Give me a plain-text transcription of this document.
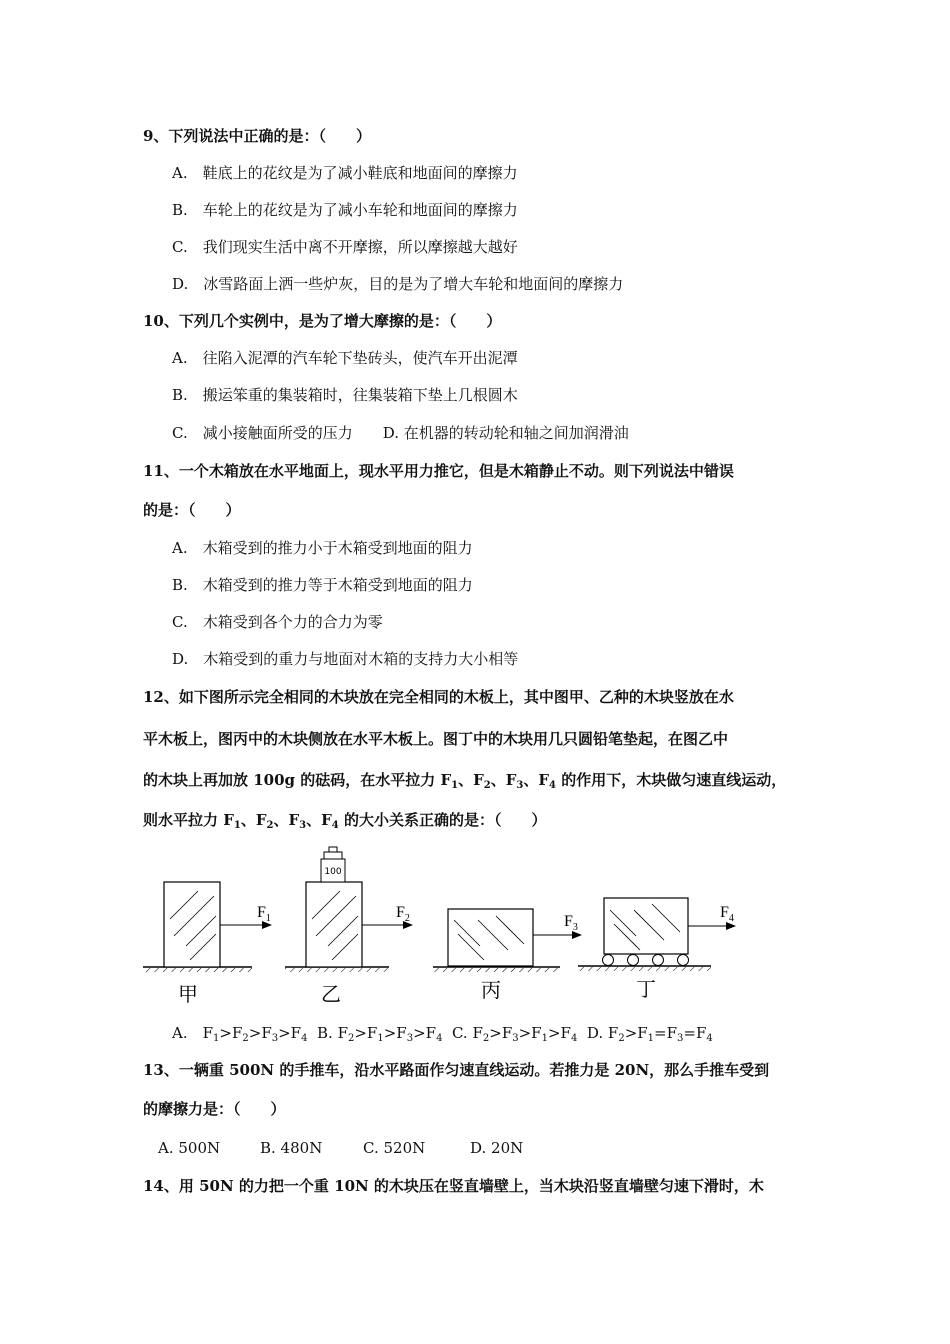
9、下列说法中正确的是：（　　）
A.　鞋底上的花纹是为了减小鞋底和地面间的摩擦力
B.　车轮上的花纹是为了减小车轮和地面间的摩擦力
C.　我们现实生活中离不开摩擦，所以摩擦越大越好
D.　冰雪路面上洒一些炉灰，目的是为了增大车轮和地面间的摩擦力
10、下列几个实例中，是为了增大摩擦的是：（　　）
A.　往陷入泥潭的汽车轮下垫砖头，使汽车开出泥潭
B.　搬运笨重的集装箱时，往集装箱下垫上几根圆木
C.　减小接触面所受的压力　　D. 在机器的转动轮和轴之间加润滑油
11、一个木箱放在水平地面上，现水平用力推它，但是木箱静止不动。则下列说法中错误
的是：（　　）
A.　木箱受到的推力小于木箱受到地面的阻力
B.　木箱受到的推力等于木箱受到地面的阻力
C.　木箱受到各个力的合力为零
D.　木箱受到的重力与地面对木箱的支持力大小相等
12、如下图所示完全相同的木块放在完全相同的木板上，其中图甲、乙种的木块竖放在水
平木板上，图丙中的木块侧放在水平木板上。图丁中的木块用几只圆铅笔垫起，在图乙中
的木块上再加放 100g 的砝码，在水平拉力 $F_1$、$F_2$、$F_3$、$F_4$ 的作用下，木块做匀速直线运动，
则水平拉力 $F_1$、$F_2$、$F_3$、$F_4$ 的大小关系正确的是：（　　）
$F_1$
甲
100
$F_2$
乙
$F_3$
丙
$F_4$
丁
A.　$F_1>F_2>F_3>F_4$ B. $F_2>F_1>F_3>F_4$ C. $F_2>F_3>F_1>F_4$ D. $F_2>F_1=F_3=F_4$
13、一辆重 500N 的手推车，沿水平路面作匀速直线运动。若推力是 20N，那么手推车受到
的摩擦力是：（　　）
A. 500N	B. 480N	C. 520N	D. 20N
14、用 50N 的力把一个重 10N 的木块压在竖直墙壁上，当木块沿竖直墙壁匀速下滑时，木
